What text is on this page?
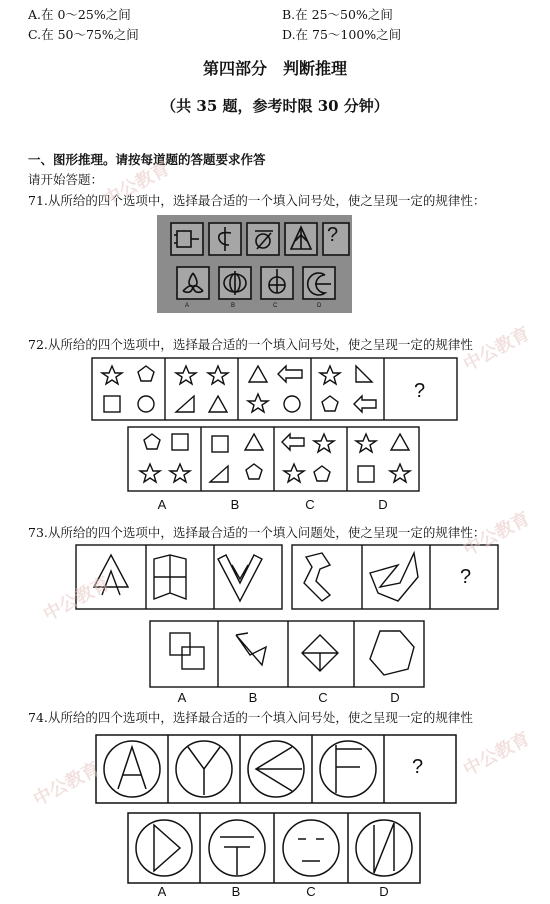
A.在 0～25%之间	B.在 25～50%之间
C.在 50～75%之间	D.在 75～100%之间
第四部分　判断推理
（共 35 题，参考时限 30 分钟）
一、图形推理。请按每道题的答题要求作答
请开始答题：
71.从所给的四个选项中，选择最合适的一个填入问号处，使之呈现一定的规律性：
?
A	B	C	D
72.从所给的四个选项中，选择最合适的一个填入问号处，使之呈现一定的规律性
?
A	B	C	D
73.从所给的四个选项中，选择最合适的一个填入问题处，使之呈现一定的规律性：
?
A	B	C	D
74.从所给的四个选项中，选择最合适的一个填入问号处，使之呈现一定的规律性
?
A	B	C	D
中公教育
中公教育
中公教育
中公教育
中公教育
中公教育
